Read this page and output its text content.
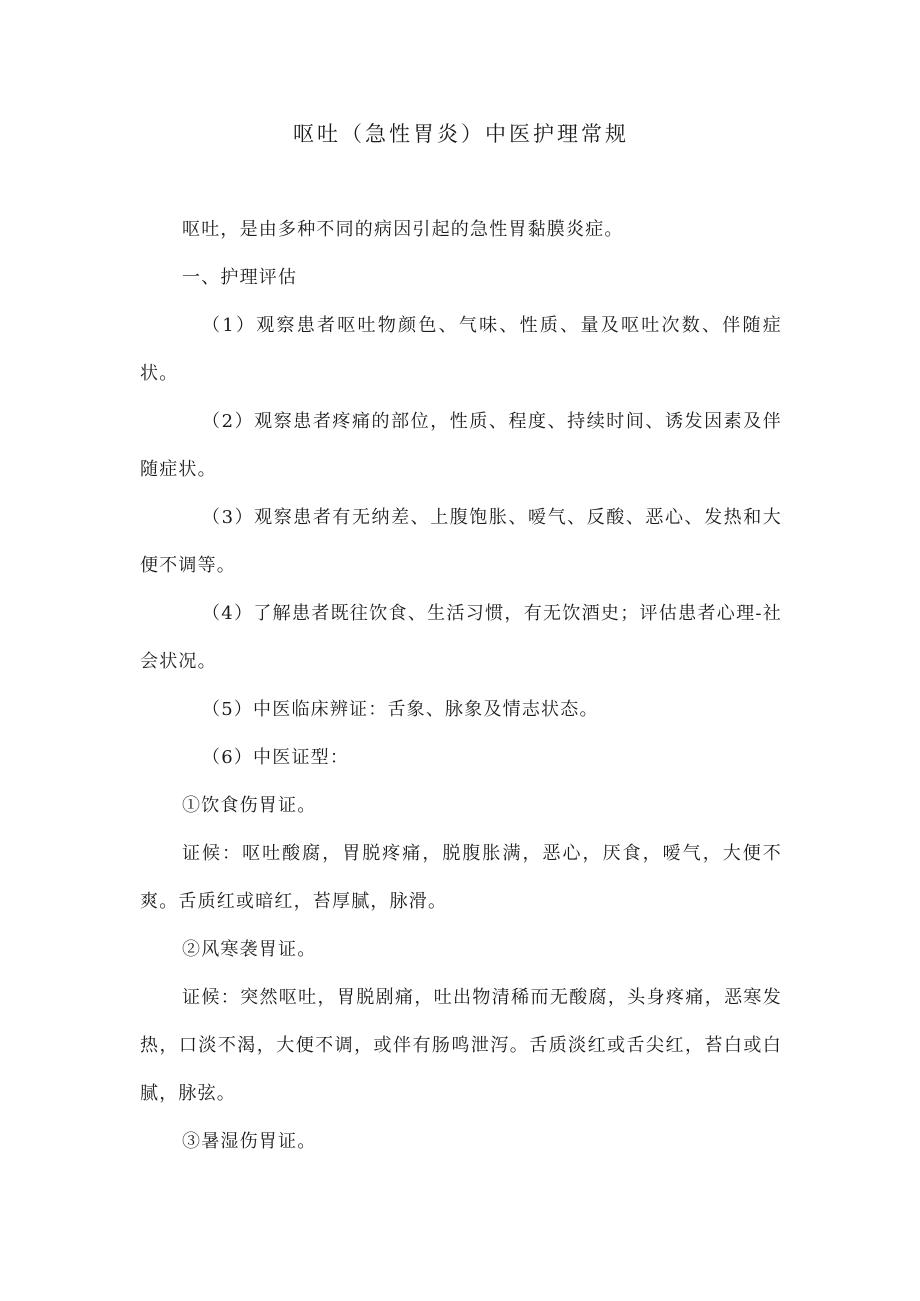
呕吐（急性胃炎）中医护理常规

呕吐，是由多种不同的病因引起的急性胃黏膜炎症。

一、护理评估

（1）观察患者呕吐物颜色、气味、性质、量及呕吐次数、伴随症状。

（2）观察患者疼痛的部位，性质、程度、持续时间、诱发因素及伴随症状。

（3）观察患者有无纳差、上腹饱胀、嗳气、反酸、恶心、发热和大便不调等。

（4）了解患者既往饮食、生活习惯，有无饮酒史；评估患者心理-社会状况。

（5）中医临床辨证：舌象、脉象及情志状态。

（6）中医证型：

①饮食伤胃证。

证候：呕吐酸腐，胃脱疼痛，脱腹胀满，恶心，厌食，嗳气，大便不爽。舌质红或暗红，苔厚腻，脉滑。

②风寒袭胃证。

证候：突然呕吐，胃脱剧痛，吐出物清稀而无酸腐，头身疼痛，恶寒发热，口淡不渴，大便不调，或伴有肠鸣泄泻。舌质淡红或舌尖红，苔白或白腻，脉弦。

③暑湿伤胃证。
